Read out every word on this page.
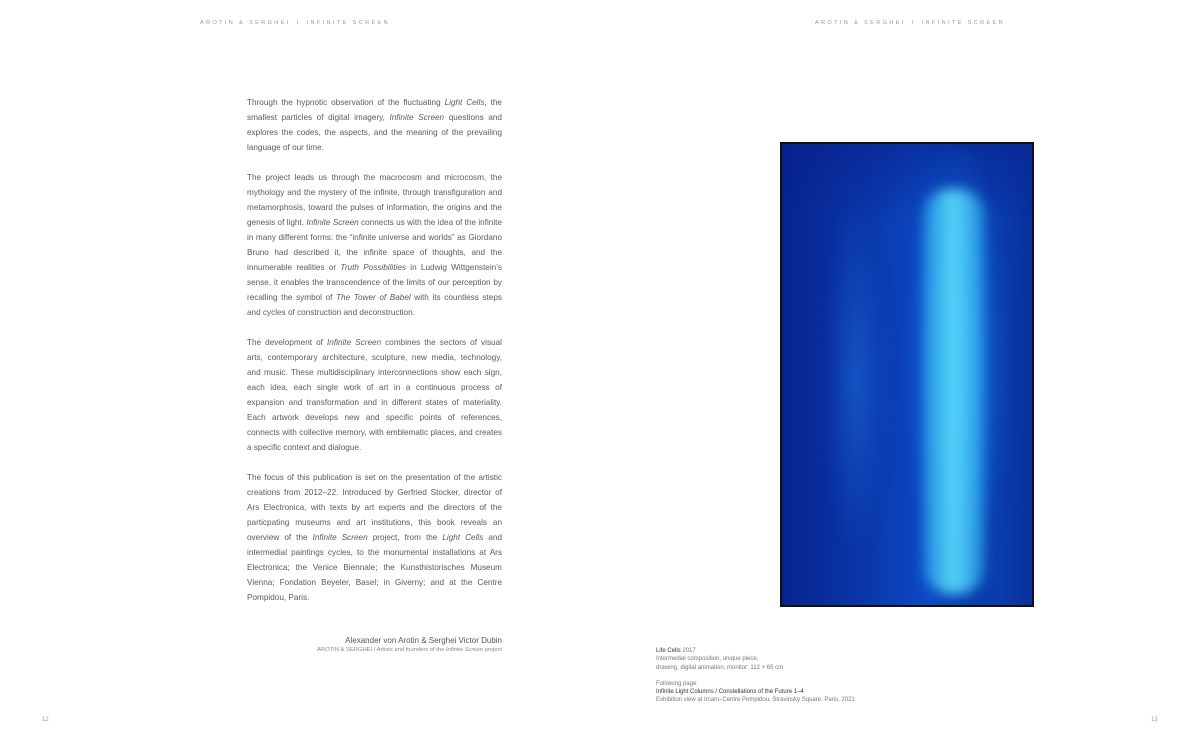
AROTIN & SERGHEI I INFINITE SCREEN	AROTIN & SERGHEI I INFINITE SCREEN

Through the hypnotic observation of the fluctuating Light Cells, the smallest particles of digital imagery, Infinite Screen questions and explores the codes, the aspects, and the meaning of the prevailing language of our time.

The project leads us through the macrocosm and microcosm, the mythology and the mystery of the infinite, through transfiguration and metamorphosis, toward the pulses of information, the origins and the genesis of light. Infinite Screen connects us with the idea of the infinite in many different forms: the “infinite universe and worlds” as Giordano Bruno had described it, the infinite space of thoughts, and the innumerable realities or Truth Possibilities in Ludwig Wittgenstein’s sense, it enables the transcendence of the limits of our perception by recalling the symbol of The Tower of Babel with its countless steps and cycles of construction and deconstruction.

The development of Infinite Screen combines the sectors of visual arts, contemporary architecture, sculpture, new media, technology, and music. These multidisciplinary interconnections show each sign, each idea, each single work of art in a continuous process of expansion and transformation and in different states of materiality. Each artwork develops new and specific points of references, connects with collective memory, with emblematic places, and creates a specific context and dialogue.

The focus of this publication is set on the presentation of the artistic creations from 2012–22. Introduced by Gerfried Stocker, director of Ars Electronica, with texts by art experts and the directors of the particpating museums and art institutions, this book reveals an overview of the Infinite Screen project, from the Light Cells and intermedial paintings cycles, to the monumental installations at Ars Electronica; the Venice Biennale; the Kunsthistorisches Museum Vienna; Fondation Beyeler, Basel; in Giverny; and at the Centre Pompidou, Paris.

Alexander von Arotin & Serghei Victor Dubin
AROTIN & SERGHEI / Artists and founders of the Infinite Screen project	Life Cells 2017
Intermedial composition, unique piece,
drawing, digital animation; monitor: 112 × 65 cm
Following page:
Infinite Light Columns / Constellations of the Future 1–4
Exhibition view at Ircam–Centre Pompidou, Stravinsky Square, Paris, 2021
12	13
